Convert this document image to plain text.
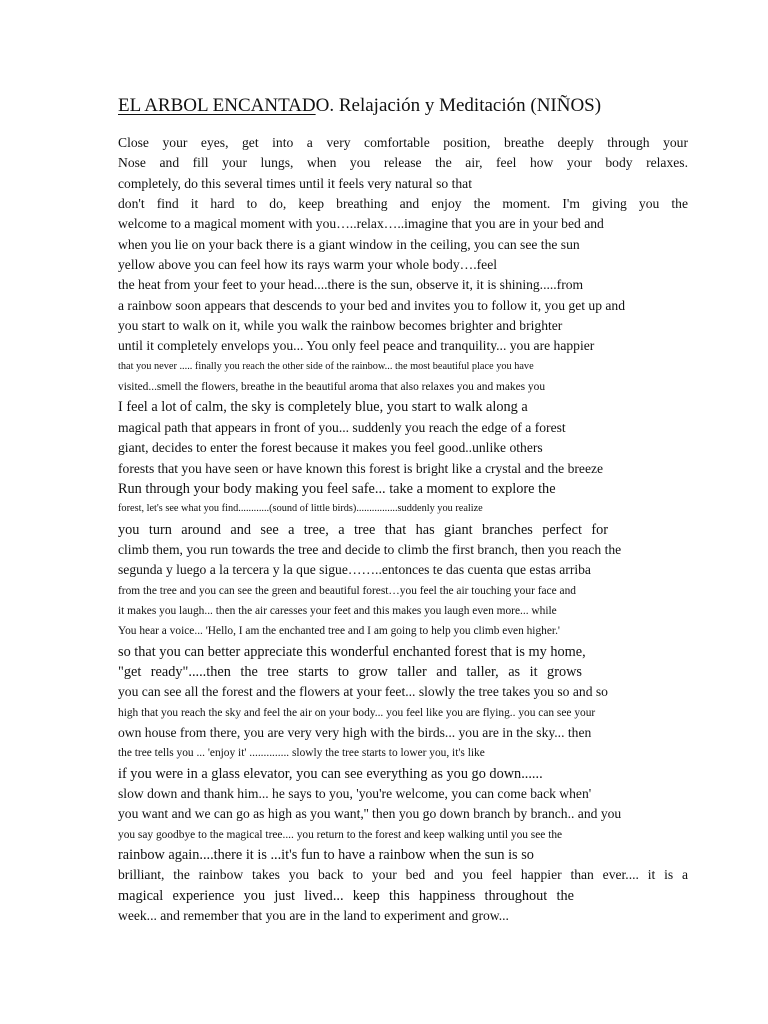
EL ARBOL ENCANTADO. Relajación y Meditación (NIÑOS)
Close your eyes, get into a very comfortable position, breathe deeply through your
Nose and fill your lungs, when you release the air, feel how your body relaxes.
completely, do this several times until it feels very natural so that
don't find it hard to do, keep breathing and enjoy the moment. I'm giving you the
welcome to a magical moment with you…..relax…..imagine that you are in your bed and
when you lie on your back there is a giant window in the ceiling, you can see the sun
yellow above you can feel how its rays warm your whole body….feel
the heat from your feet to your head....there is the sun, observe it, it is shining.....from
a rainbow soon appears that descends to your bed and invites you to follow it, you get up and
you start to walk on it, while you walk the rainbow becomes brighter and brighter
until it completely envelops you... You only feel peace and tranquility... you are happier
that you never ..... finally you reach the other side of the rainbow... the most beautiful place you have
visited...smell the flowers, breathe in the beautiful aroma that also relaxes you and makes you
I feel a lot of calm, the sky is completely blue, you start to walk along a
magical path that appears in front of you... suddenly you reach the edge of a forest
giant, decides to enter the forest because it makes you feel good..unlike others
forests that you have seen or have known this forest is bright like a crystal and the breeze
Run through your body making you feel safe... take a moment to explore the
forest, let's see what you find............(sound of little birds)................suddenly you realize
you turn around and see a tree, a tree that has giant branches perfect for
climb them, you run towards the tree and decide to climb the first branch, then you reach the
segunda y luego a la tercera y la que sigue……..entonces te das cuenta que estas arriba
from the tree and you can see the green and beautiful forest…you feel the air touching your face and
it makes you laugh... then the air caresses your feet and this makes you laugh even more... while
You hear a voice... 'Hello, I am the enchanted tree and I am going to help you climb even higher.'
so that you can better appreciate this wonderful enchanted forest that is my home,
"get ready".....then the tree starts to grow taller and taller, as it grows
you can see all the forest and the flowers at your feet... slowly the tree takes you so and so
high that you reach the sky and feel the air on your body... you feel like you are flying.. you can see your
own house from there, you are very very high with the birds... you are in the sky... then
the tree tells you ... 'enjoy it' .............. slowly the tree starts to lower you, it's like
if you were in a glass elevator, you can see everything as you go down......
slow down and thank him... he says to you, 'you're welcome, you can come back when'
you want and we can go as high as you want,'' then you go down branch by branch.. and you
you say goodbye to the magical tree.... you return to the forest and keep walking until you see the
rainbow again....there it is ...it's fun to have a rainbow when the sun is so
brilliant, the rainbow takes you back to your bed and you feel happier than ever.... it is a
magical experience you just lived... keep this happiness throughout the
week... and remember that you are in the land to experiment and grow...
